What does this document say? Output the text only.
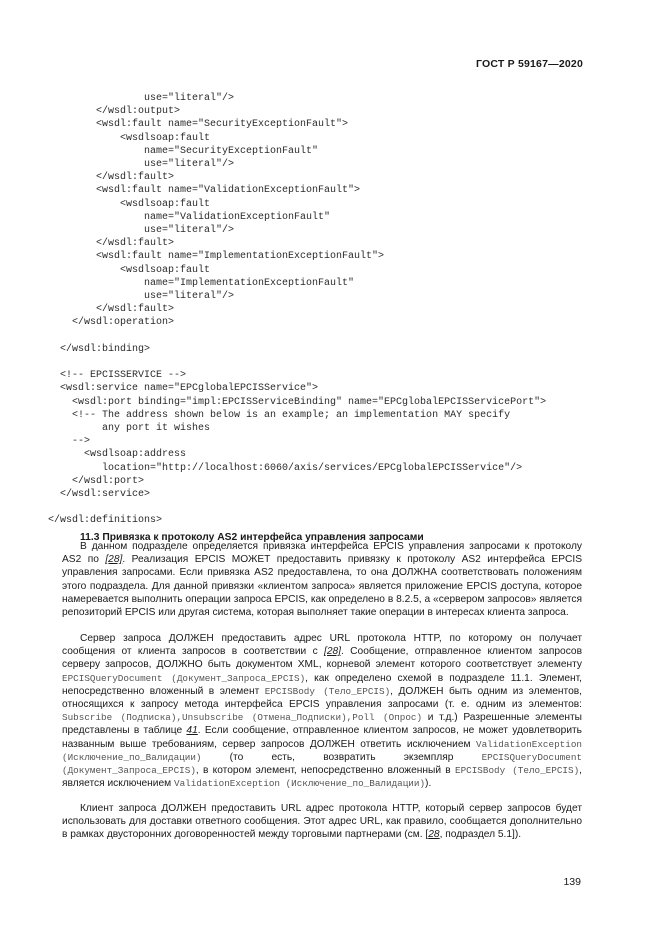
ГОСТ Р 59167—2020
use="literal"/>
</wsdl:output>
<wsdl:fault name="SecurityExceptionFault">
<wsdlsoap:fault
name="SecurityExceptionFault"
use="literal"/>
</wsdl:fault>
<wsdl:fault name="ValidationExceptionFault">
<wsdlsoap:fault
name="ValidationExceptionFault"
use="literal"/>
</wsdl:fault>
<wsdl:fault name="ImplementationExceptionFault">
<wsdlsoap:fault
name="ImplementationExceptionFault"
use="literal"/>
</wsdl:fault>
</wsdl:operation>
</wsdl:binding>
<!-- EPCISSERVICE -->
<wsdl:service name="EPCglobalEPCISService">
<wsdl:port binding="impl:EPCISServiceBinding" name="EPCglobalEPCISServicePort">
<!-- The address shown below is an example; an implementation MAY specify
any port it wishes
-->
<wsdlsoap:address
location="http://localhost:6060/axis/services/EPCglobalEPCISService"/>
</wsdl:port>
</wsdl:service>
</wsdl:definitions>
11.3 Привязка к протоколу AS2 интерфейса управления запросами

В данном подразделе определяется привязка интерфейса EPCIS управления запросами к протоколу AS2 по [28]. Реализация EPCIS МОЖЕТ предоставить привязку к протоколу AS2 интерфейса EPCIS управления запросами. Если привязка AS2 предоставлена, то она ДОЛЖНА соответствовать положениям этого подраздела. Для данной привязки «клиентом запроса» является приложение EPCIS доступа, которое намеревается выполнить операции запроса EPCIS, как определено в 8.2.5, а «сервером запросов» является репозиторий EPCIS или другая система, которая выполняет такие операции в интересах клиента запроса.

Сервер запроса ДОЛЖЕН предоставить адрес URL протокола HTTP, по которому он получает сообщения от клиента запросов в соответствии с [28]. Сообщение, отправленное клиентом запросов серверу запросов, ДОЛЖНО быть документом XML, корневой элемент которого соответствует элементу EPCISQueryDocument (Документ_Запроса_EPCIS), как определено схемой в подразделе 11.1. Элемент, непосредственно вложенный в элемент EPCISBody (Тело_EPCIS), ДОЛЖЕН быть одним из элементов, относящихся к запросу метода интерфейса EPCIS управления запросами (т. е. одним из элементов: Subscribe (Подписка),Unsubscribe (Отмена_Подписки),Poll (Опрос) и т.д.) Разрешенные элементы представлены в таблице 41. Если сообщение, отправленное клиентом запросов, не может удовлетворить названным выше требованиям, сервер запросов ДОЛЖЕН ответить исключением ValidationException (Исключение_по_Валидации) (то есть, возвратить экземпляр EPCISQueryDocument (Документ_Запроса_EPCIS), в котором элемент, непосредственно вложенный в EPCISBody (Тело_EPCIS), является исключением ValidationException (Исключение_по_Валидации)).

Клиент запроса ДОЛЖЕН предоставить URL адрес протокола HTTP, который сервер запросов будет использовать для доставки ответного сообщения. Этот адрес URL, как правило, сообщается дополнительно в рамках двусторонних договоренностей между торговыми партнерами (см. [28, подраздел 5.1]).

139
